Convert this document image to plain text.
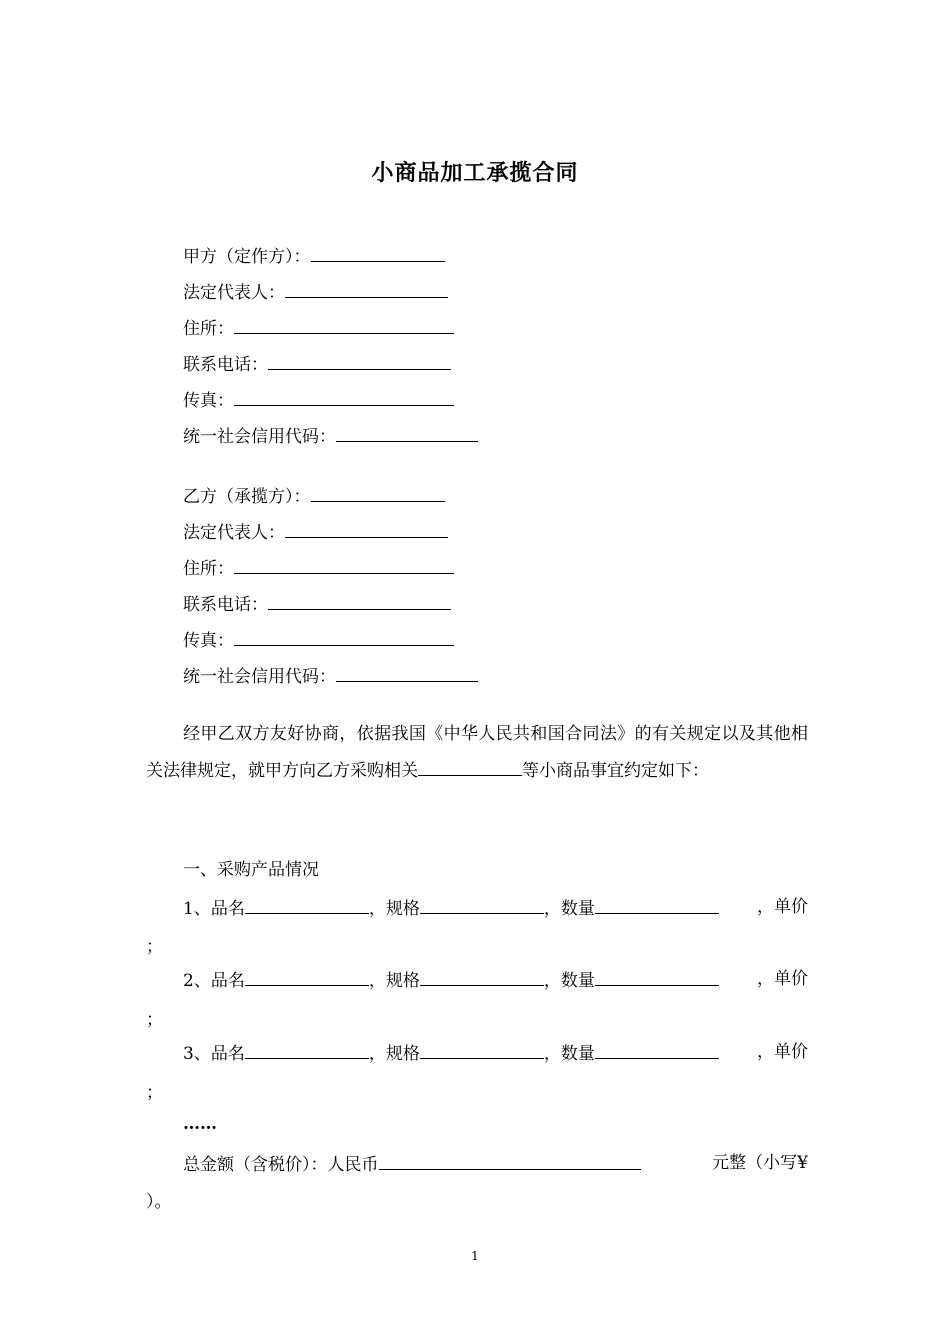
小商品加工承揽合同
甲方（定作方）：
法定代表人：
住所：
联系电话：
传真：
统一社会信用代码：
乙方（承揽方）：
法定代表人：
住所：
联系电话：
传真：
统一社会信用代码：
经甲乙双方友好协商，依据我国《中华人民共和国合同法》的有关规定以及其他相关法律规定，就甲方向乙方采购相关	等小商品事宜约定如下：
一、采购产品情况
1、品名	，规格	，数量	，单价
；
2、品名	，规格	，数量	，单价
；
3、品名	，规格	，数量	，单价
；
……
总金额（含税价）：人民币	元整（小写¥
）。
1
